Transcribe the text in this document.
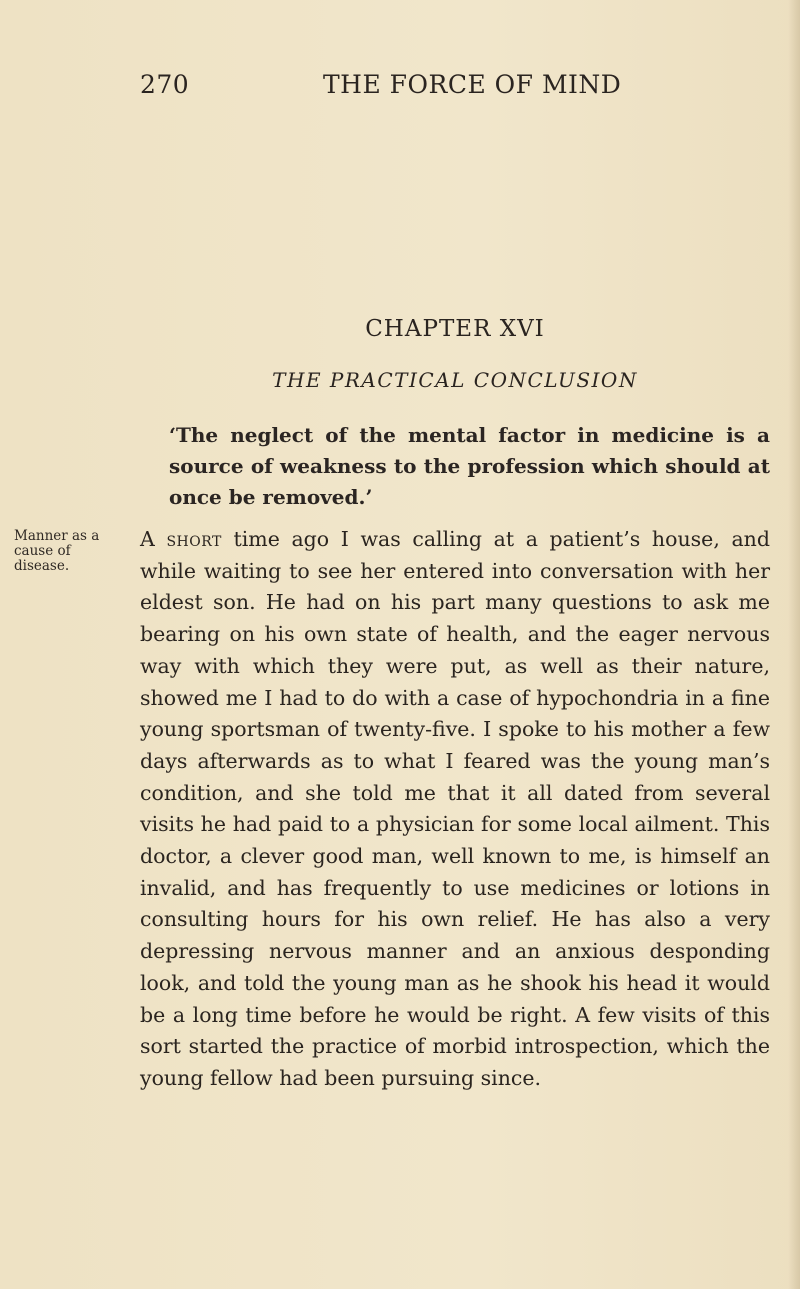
270	THE FORCE OF MIND
CHAPTER XVI
THE PRACTICAL CONCLUSION
‘The neglect of the mental factor in medicine is a source of weakness to the profession which should at once be removed.’
Manner as a cause of disease.
A short time ago I was calling at a patient’s house, and while waiting to see her entered into conversation with her eldest son. He had on his part many questions to ask me bearing on his own state of health, and the eager nervous way with which they were put, as well as their nature, showed me I had to do with a case of hypochondria in a fine young sportsman of twenty-five. I spoke to his mother a few days afterwards as to what I feared was the young man’s condition, and she told me that it all dated from several visits he had paid to a physician for some local ailment. This doctor, a clever good man, well known to me, is himself an invalid, and has frequently to use medicines or lotions in consulting hours for his own relief. He has also a very depressing nervous manner and an anxious desponding look, and told the young man as he shook his head it would be a long time before he would be right. A few visits of this sort started the practice of morbid introspection, which the young fellow had been pursuing since.
